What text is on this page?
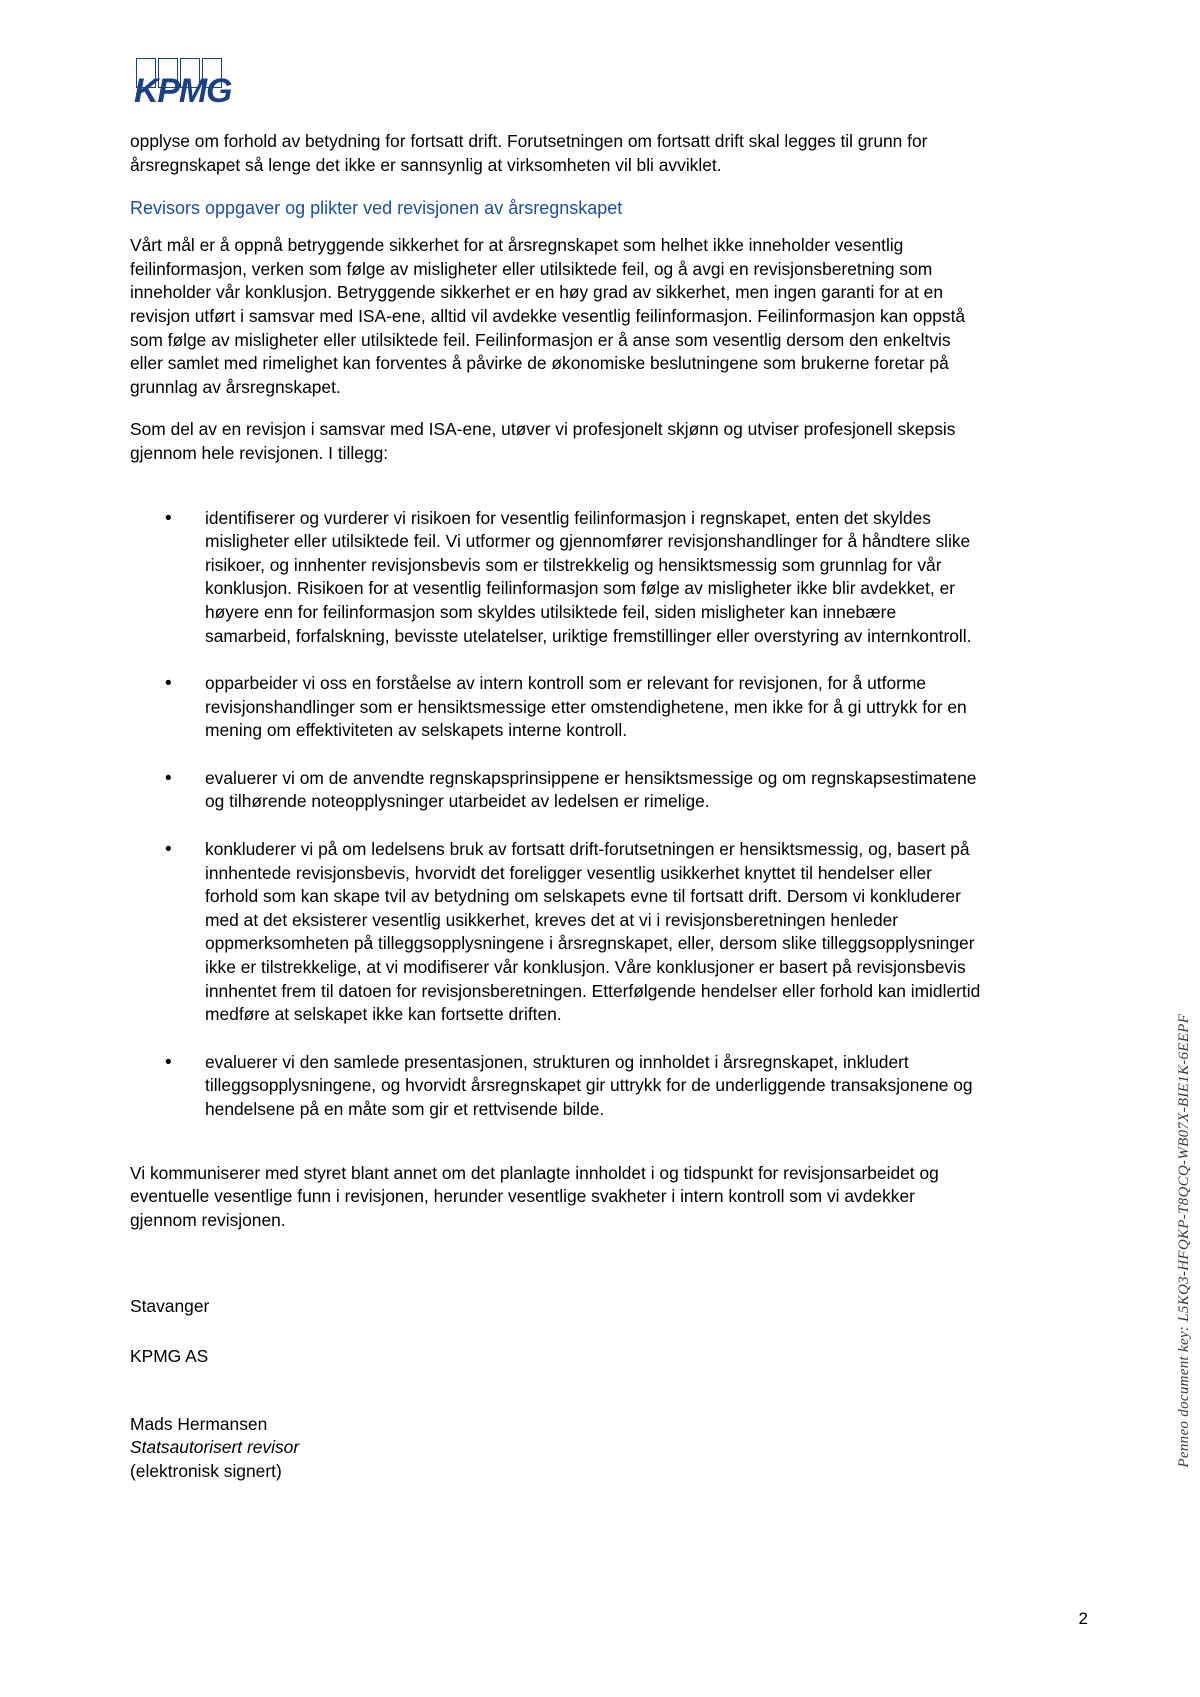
KPMG

opplyse om forhold av betydning for fortsatt drift. Forutsetningen om fortsatt drift skal legges til grunn for årsregnskapet så lenge det ikke er sannsynlig at virksomheten vil bli avviklet.

Revisors oppgaver og plikter ved revisjonen av årsregnskapet

Vårt mål er å oppnå betryggende sikkerhet for at årsregnskapet som helhet ikke inneholder vesentlig feilinformasjon, verken som følge av misligheter eller utilsiktede feil, og å avgi en revisjonsberetning som inneholder vår konklusjon. Betryggende sikkerhet er en høy grad av sikkerhet, men ingen garanti for at en revisjon utført i samsvar med ISA-ene, alltid vil avdekke vesentlig feilinformasjon. Feilinformasjon kan oppstå som følge av misligheter eller utilsiktede feil. Feilinformasjon er å anse som vesentlig dersom den enkeltvis eller samlet med rimelighet kan forventes å påvirke de økonomiske beslutningene som brukerne foretar på grunnlag av årsregnskapet.

Som del av en revisjon i samsvar med ISA-ene, utøver vi profesjonelt skjønn og utviser profesjonell skepsis gjennom hele revisjonen. I tillegg:

• identifiserer og vurderer vi risikoen for vesentlig feilinformasjon i regnskapet, enten det skyldes misligheter eller utilsiktede feil. Vi utformer og gjennomfører revisjonshandlinger for å håndtere slike risikoer, og innhenter revisjonsbevis som er tilstrekkelig og hensiktsmessig som grunnlag for vår konklusjon. Risikoen for at vesentlig feilinformasjon som følge av misligheter ikke blir avdekket, er høyere enn for feilinformasjon som skyldes utilsiktede feil, siden misligheter kan innebære samarbeid, forfalskning, bevisste utelatelser, uriktige fremstillinger eller overstyring av internkontroll.
• opparbeider vi oss en forståelse av intern kontroll som er relevant for revisjonen, for å utforme revisjonshandlinger som er hensiktsmessige etter omstendighetene, men ikke for å gi uttrykk for en mening om effektiviteten av selskapets interne kontroll.
• evaluerer vi om de anvendte regnskapsprinsippene er hensiktsmessige og om regnskapsestimatene og tilhørende noteopplysninger utarbeidet av ledelsen er rimelige.
• konkluderer vi på om ledelsens bruk av fortsatt drift-forutsetningen er hensiktsmessig, og, basert på innhentede revisjonsbevis, hvorvidt det foreligger vesentlig usikkerhet knyttet til hendelser eller forhold som kan skape tvil av betydning om selskapets evne til fortsatt drift. Dersom vi konkluderer med at det eksisterer vesentlig usikkerhet, kreves det at vi i revisjonsberetningen henleder oppmerksomheten på tilleggsopplysningene i årsregnskapet, eller, dersom slike tilleggsopplysninger ikke er tilstrekkelige, at vi modifiserer vår konklusjon. Våre konklusjoner er basert på revisjonsbevis innhentet frem til datoen for revisjonsberetningen. Etterfølgende hendelser eller forhold kan imidlertid medføre at selskapet ikke kan fortsette driften.
• evaluerer vi den samlede presentasjonen, strukturen og innholdet i årsregnskapet, inkludert tilleggsopplysningene, og hvorvidt årsregnskapet gir uttrykk for de underliggende transaksjonene og hendelsene på en måte som gir et rettvisende bilde.

Vi kommuniserer med styret blant annet om det planlagte innholdet i og tidspunkt for revisjonsarbeidet og eventuelle vesentlige funn i revisjonen, herunder vesentlige svakheter i intern kontroll som vi avdekker gjennom revisjonen.

Stavanger

KPMG AS

Mads Hermansen

Statsautorisert revisor

(elektronisk signert)

Penneo document key: L5KQ3-HFQKP-T8QCQ-WB07X-BIE1K-6EEPF
2
